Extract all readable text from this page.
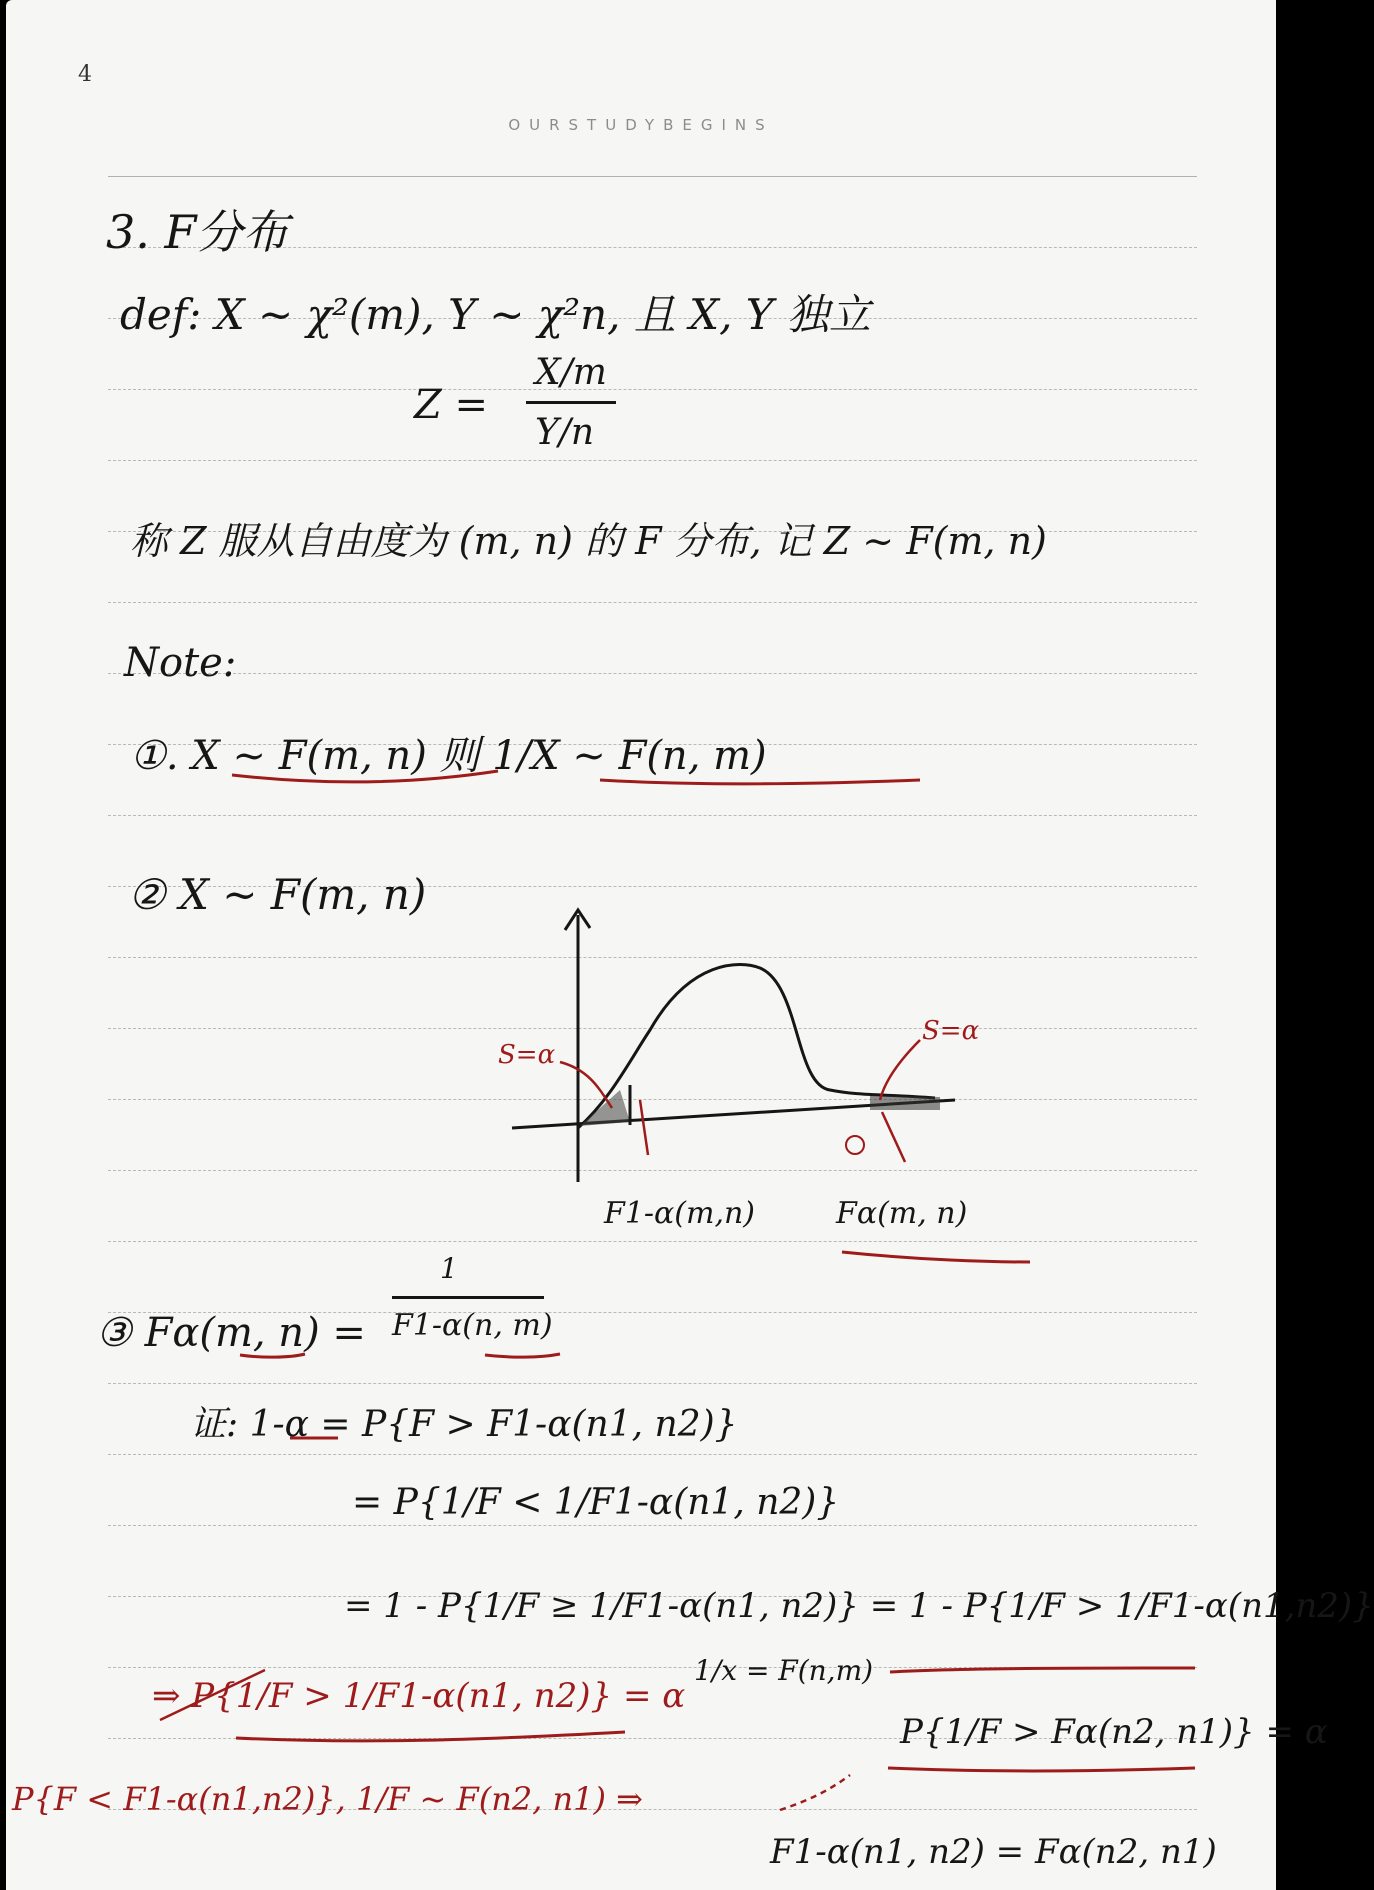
4
OURSTUDYBEGINS
3. F分布
def: X ~ χ²(m), Y ~ χ²n, 且 X, Y 独立
Z =
X/m
Y/n
称 Z 服从自由度为 (m, n) 的 F 分布, 记 Z ~ F(m, n)
Note:
①. X ~ F(m, n) 则 1/X ~ F(n, m)
② X ~ F(m, n)
S=α
S=α
F1-α(m,n)	Fα(m, n)
③ Fα(m, n) =
1
F1-α(n, m)
证: 1-α = P{F > F1-α(n1, n2)}
= P{1/F < 1/F1-α(n1, n2)}
= 1 - P{1/F ≥ 1/F1-α(n1, n2)} = 1 - P{1/F > 1/F1-α(n1,n2)}
⇒ P{1/F > 1/F1-α(n1, n2)} = α
1/x = F(n,m)
P{1/F > Fα(n2, n1)} = α
P{F < F1-α(n1,n2)}, 1/F ~ F(n2, n1) ⇒
F1-α(n1, n2) = Fα(n2, n1)
